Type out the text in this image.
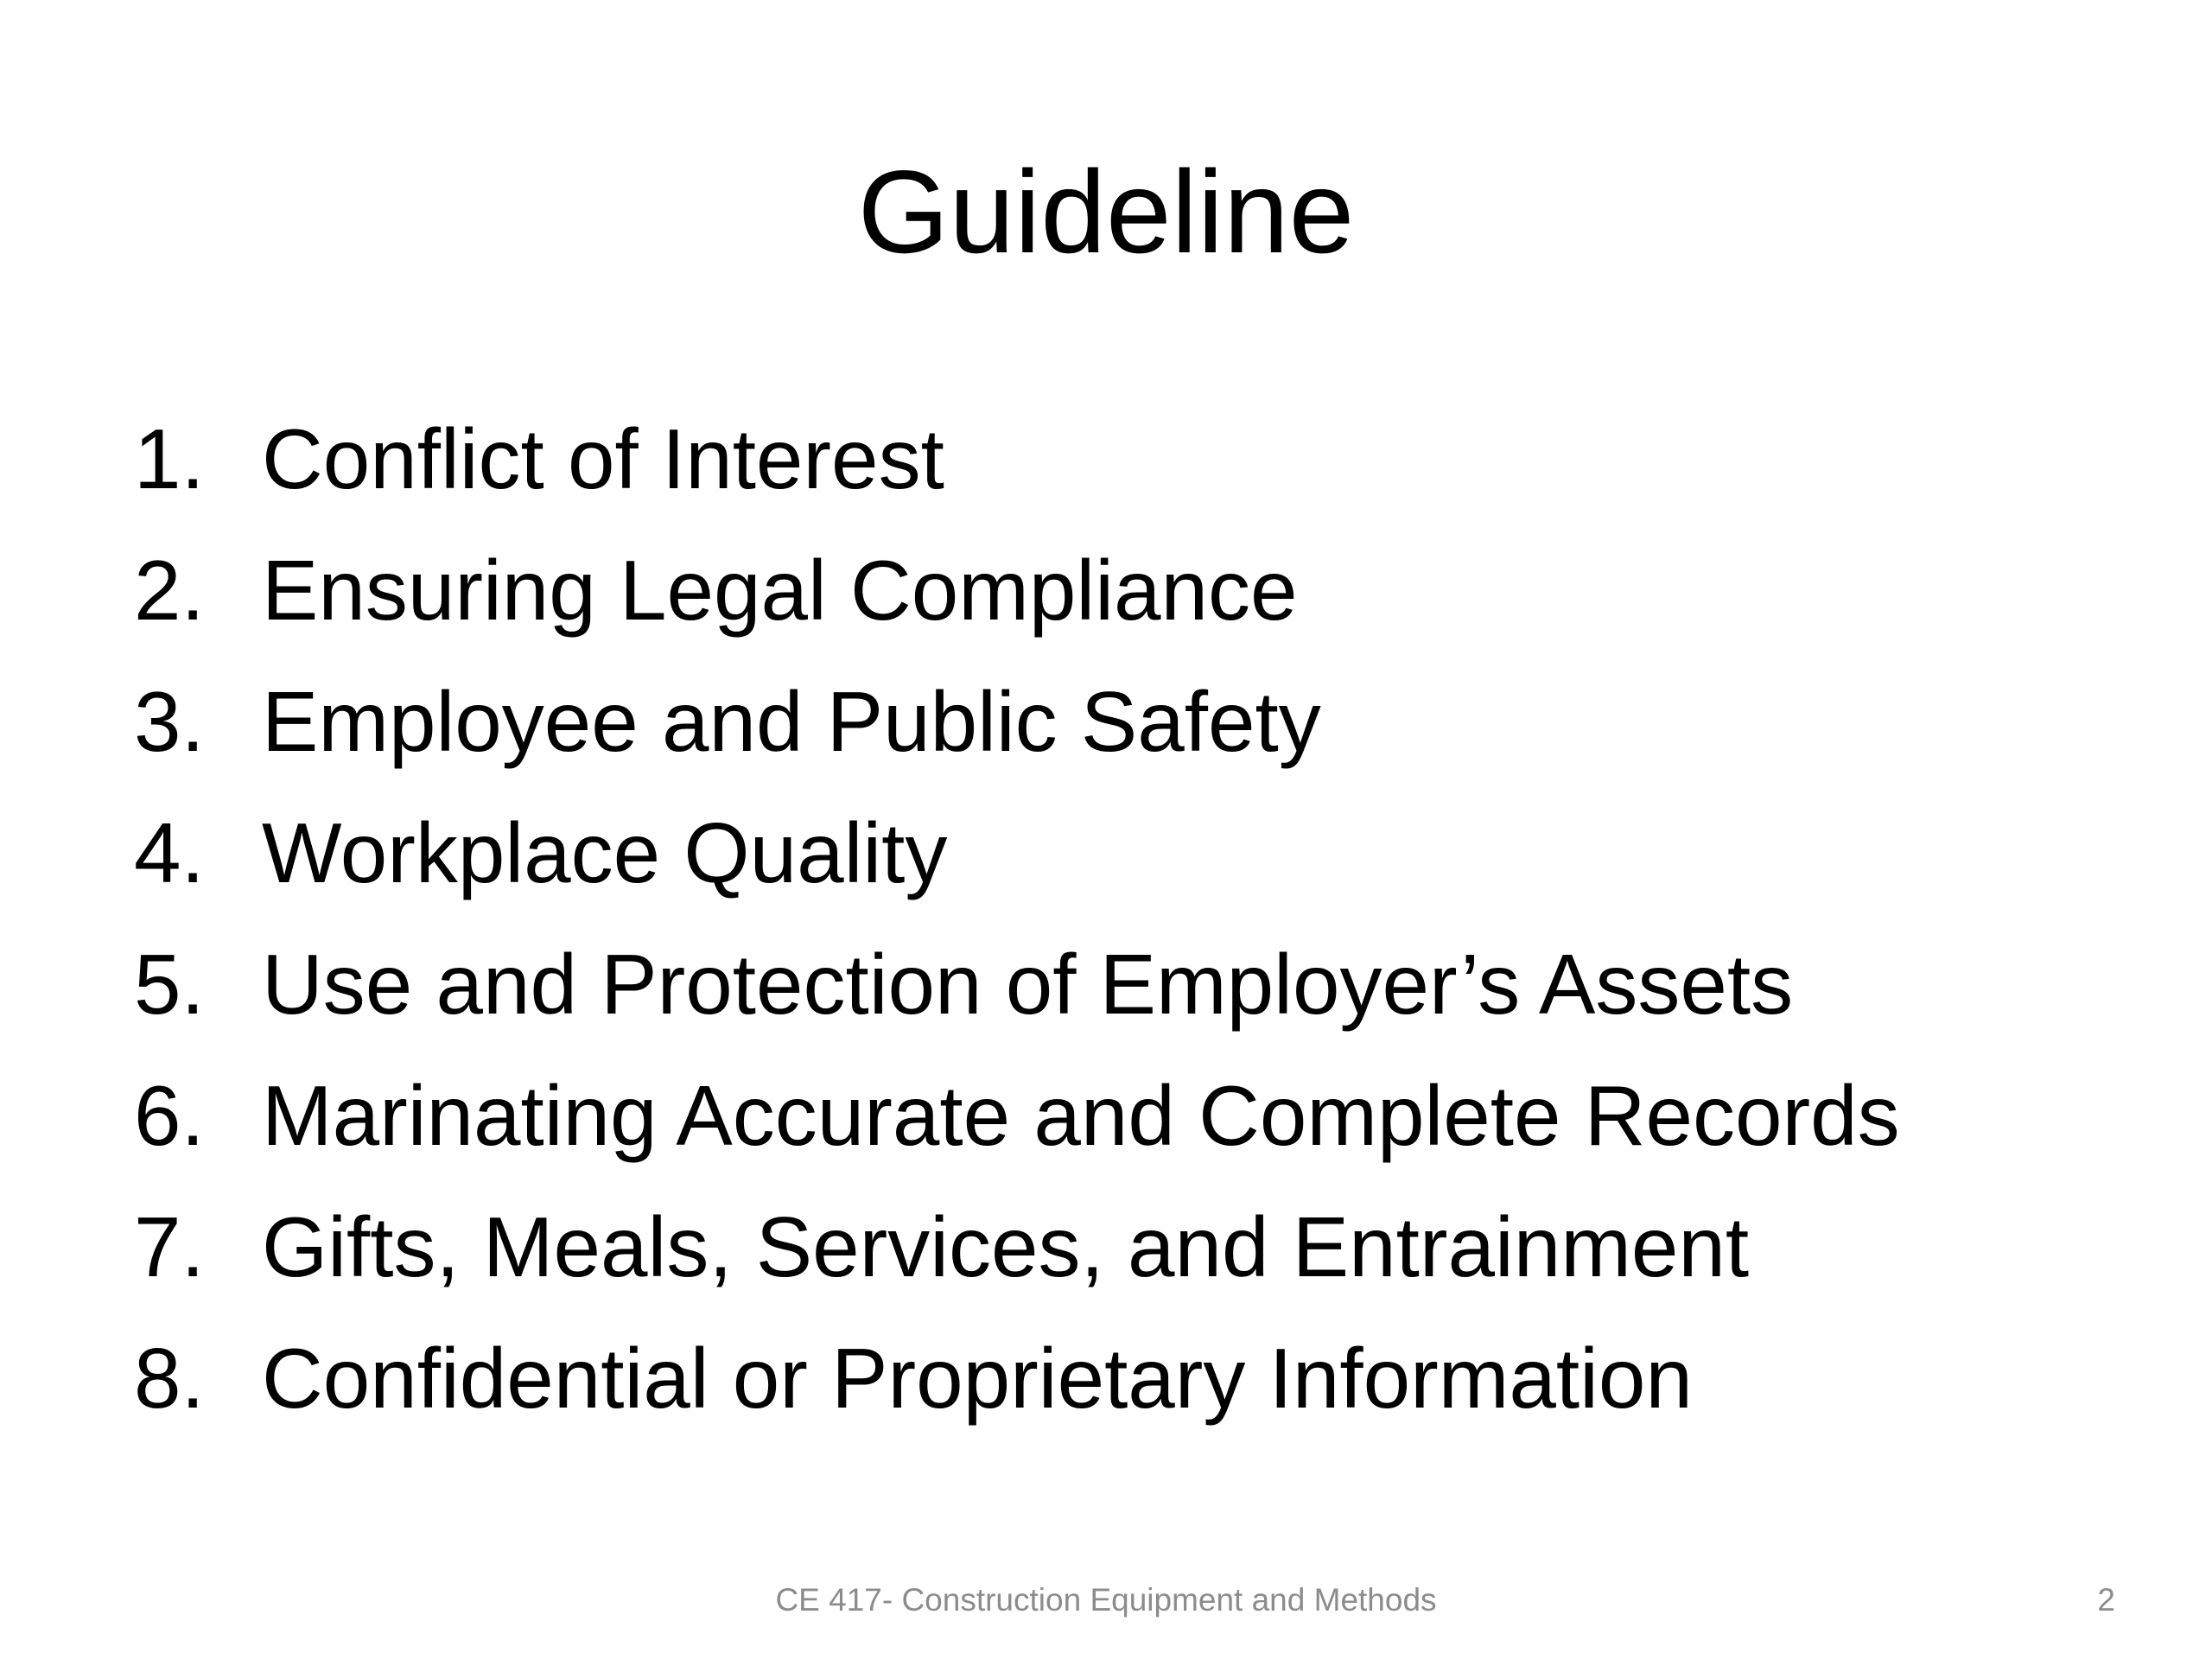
Guideline
1. Conflict of Interest
2. Ensuring Legal Compliance
3. Employee and Public Safety
4. Workplace Quality
5. Use and Protection of Employer’s Assets
6. Marinating Accurate and Complete Records
7. Gifts, Meals, Services, and Entrainment
8. Confidential or Proprietary Information
CE 417- Construction Equipment and Methods	2
